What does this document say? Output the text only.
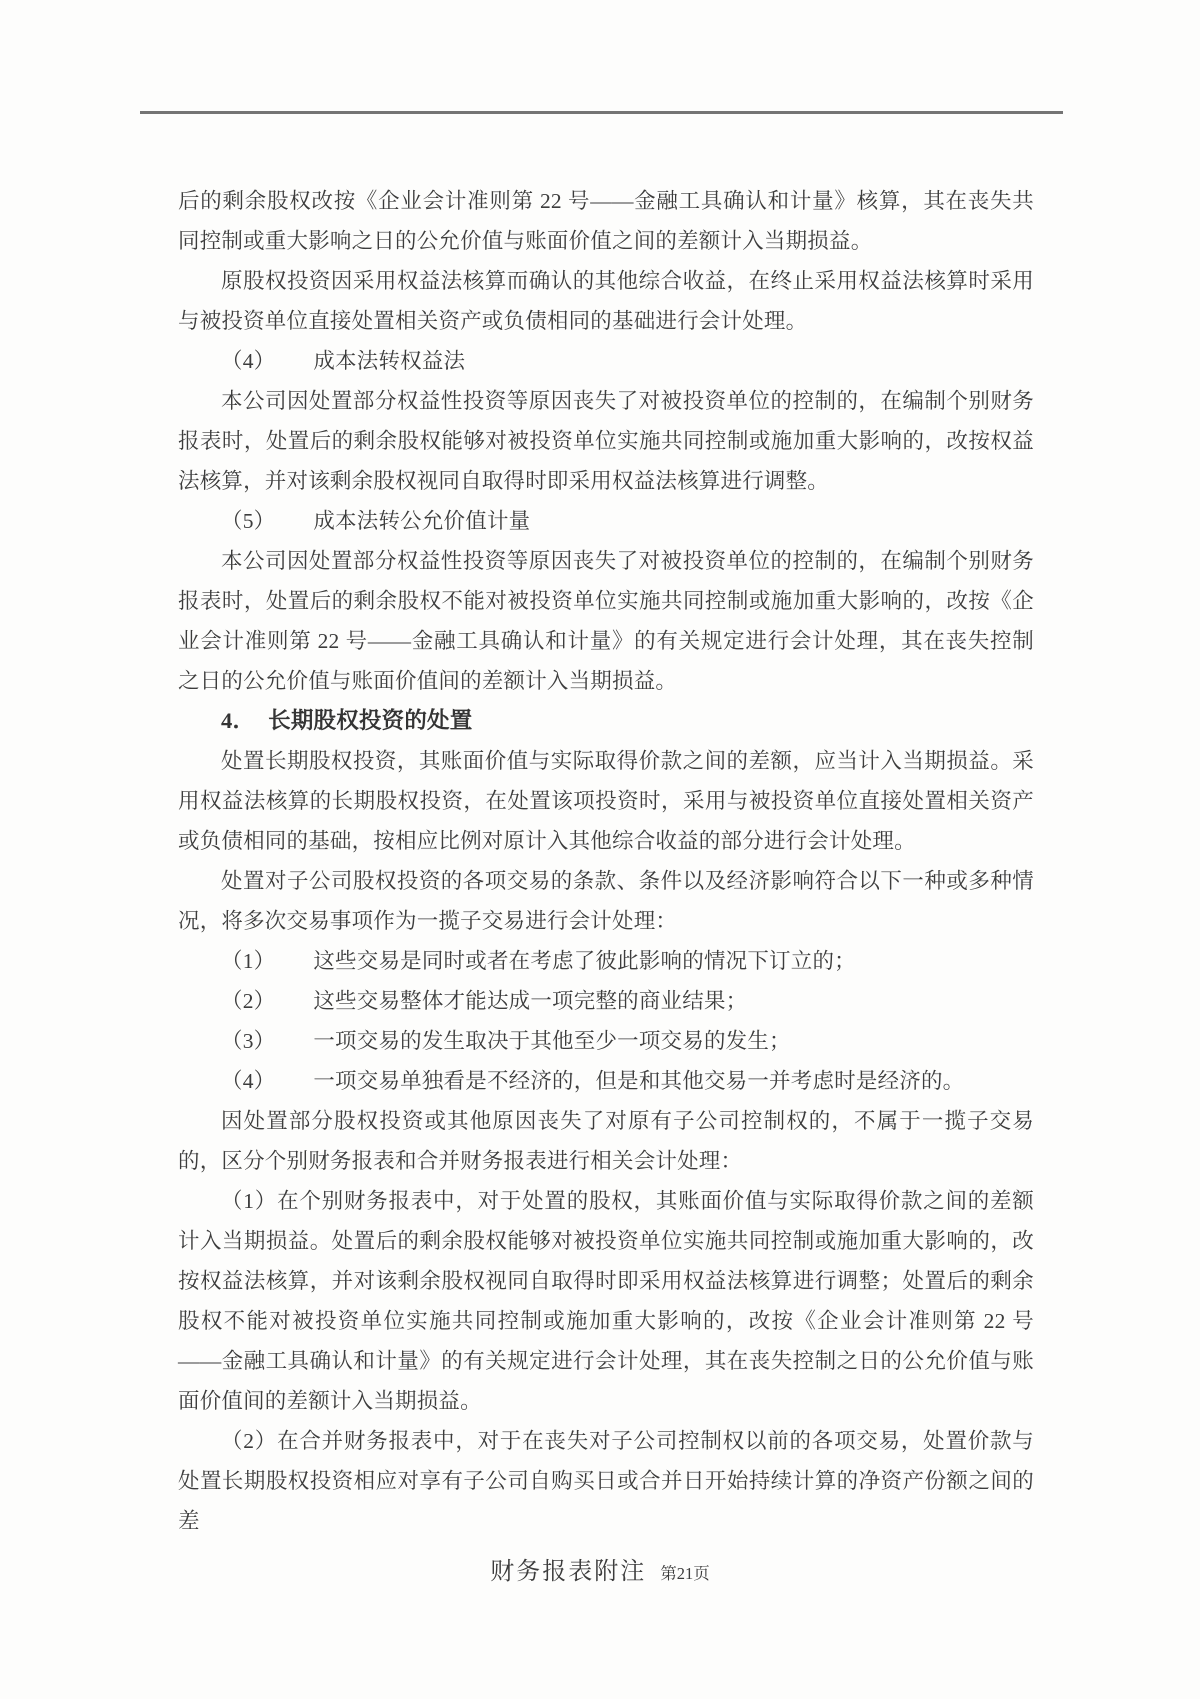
后的剩余股权改按《企业会计准则第 22 号——金融工具确认和计量》核算，其在丧失共同控制或重大影响之日的公允价值与账面价值之间的差额计入当期损益。

原股权投资因采用权益法核算而确认的其他综合收益，在终止采用权益法核算时采用与被投资单位直接处置相关资产或负债相同的基础进行会计处理。

（4） 成本法转权益法

本公司因处置部分权益性投资等原因丧失了对被投资单位的控制的，在编制个别财务报表时，处置后的剩余股权能够对被投资单位实施共同控制或施加重大影响的，改按权益法核算，并对该剩余股权视同自取得时即采用权益法核算进行调整。

（5） 成本法转公允价值计量

本公司因处置部分权益性投资等原因丧失了对被投资单位的控制的，在编制个别财务报表时，处置后的剩余股权不能对被投资单位实施共同控制或施加重大影响的，改按《企业会计准则第 22 号——金融工具确认和计量》的有关规定进行会计处理，其在丧失控制之日的公允价值与账面价值间的差额计入当期损益。

4． 长期股权投资的处置

处置长期股权投资，其账面价值与实际取得价款之间的差额，应当计入当期损益。采用权益法核算的长期股权投资，在处置该项投资时，采用与被投资单位直接处置相关资产或负债相同的基础，按相应比例对原计入其他综合收益的部分进行会计处理。

处置对子公司股权投资的各项交易的条款、条件以及经济影响符合以下一种或多种情况，将多次交易事项作为一揽子交易进行会计处理：

（1） 这些交易是同时或者在考虑了彼此影响的情况下订立的；

（2） 这些交易整体才能达成一项完整的商业结果；

（3） 一项交易的发生取决于其他至少一项交易的发生；

（4） 一项交易单独看是不经济的，但是和其他交易一并考虑时是经济的。

因处置部分股权投资或其他原因丧失了对原有子公司控制权的，不属于一揽子交易的，区分个别财务报表和合并财务报表进行相关会计处理：

（1）在个别财务报表中，对于处置的股权，其账面价值与实际取得价款之间的差额计入当期损益。处置后的剩余股权能够对被投资单位实施共同控制或施加重大影响的，改按权益法核算，并对该剩余股权视同自取得时即采用权益法核算进行调整；处置后的剩余股权不能对被投资单位实施共同控制或施加重大影响的，改按《企业会计准则第 22 号——金融工具确认和计量》的有关规定进行会计处理，其在丧失控制之日的公允价值与账面价值间的差额计入当期损益。

（2）在合并财务报表中，对于在丧失对子公司控制权以前的各项交易，处置价款与处置长期股权投资相应对享有子公司自购买日或合并日开始持续计算的净资产份额之间的差

财务报表附注 第21页
